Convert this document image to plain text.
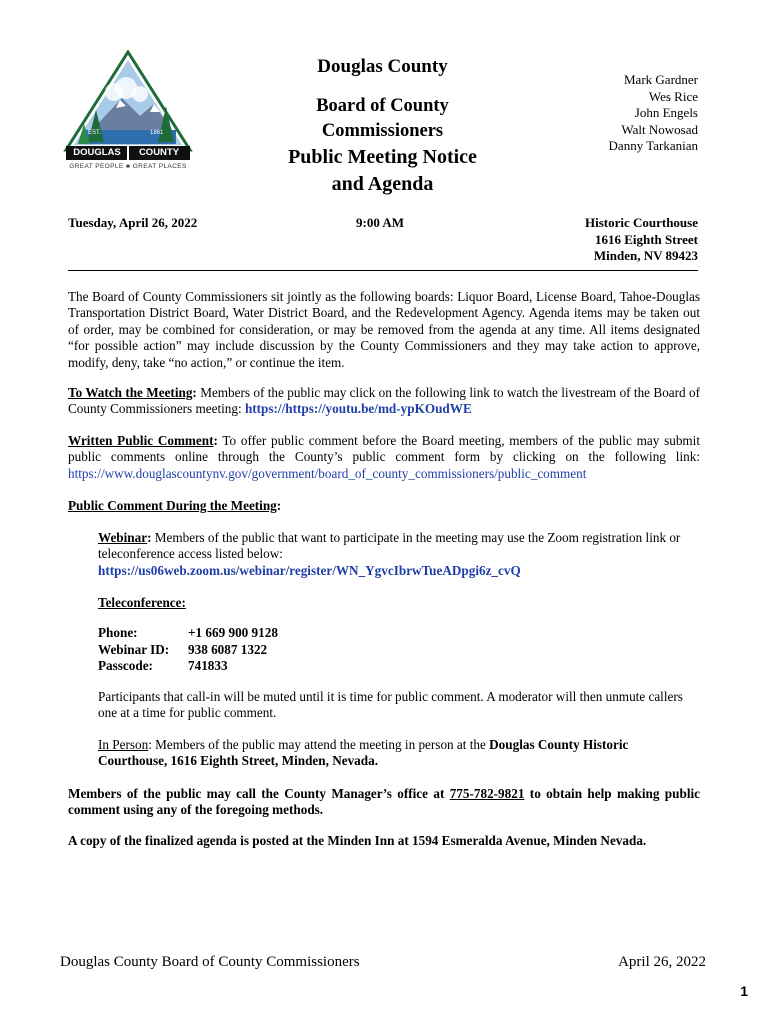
DOUGLAS	COUNTY
EST.	1861
GREAT PEOPLE ♣ GREAT PLACES
Douglas County
Board of County
Commissioners
Public Meeting Notice
and Agenda
Mark Gardner
Wes Rice
John Engels
Walt Nowosad
Danny Tarkanian
Tuesday, April 26, 2022	9:00 AM	Historic Courthouse
1616 Eighth Street
Minden, NV 89423
The Board of County Commissioners sit jointly as the following boards: Liquor Board, License Board, Tahoe-Douglas Transportation District Board, Water District Board, and the Redevelopment Agency. Agenda items may be taken out of order, may be combined for consideration, or may be removed from the agenda at any time. All items designated “for possible action” may include discussion by the County Commissioners and they may take action to approve, modify, deny, take “no action,” or continue the item.
To Watch the Meeting: Members of the public may click on the following link to watch the livestream of the Board of County Commissioners meeting: https://https://youtu.be/md-ypKOudWE
Written Public Comment: To offer public comment before the Board meeting, members of the public may submit public comments online through the County’s public comment form by clicking on the following link: https://www.douglascountynv.gov/government/board_of_county_commissioners/public_comment
Public Comment During the Meeting:
Webinar: Members of the public that want to participate in the meeting may use the Zoom registration link or teleconference access listed below:
https://us06web.zoom.us/webinar/register/WN_YgvcIbrwTueADpgi6z_cvQ
Teleconference:
Phone:	+1 669 900 9128
Webinar ID: 938 6087 1322
Passcode:	741833
Participants that call-in will be muted until it is time for public comment. A moderator will then unmute callers one at a time for public comment.
In Person: Members of the public may attend the meeting in person at the Douglas County Historic Courthouse, 1616 Eighth Street, Minden, Nevada.
Members of the public may call the County Manager’s office at 775-782-9821 to obtain help making public comment using any of the foregoing methods.
A copy of the finalized agenda is posted at the Minden Inn at 1594 Esmeralda Avenue, Minden Nevada.
Douglas County Board of County Commissioners	April 26, 2022
1
